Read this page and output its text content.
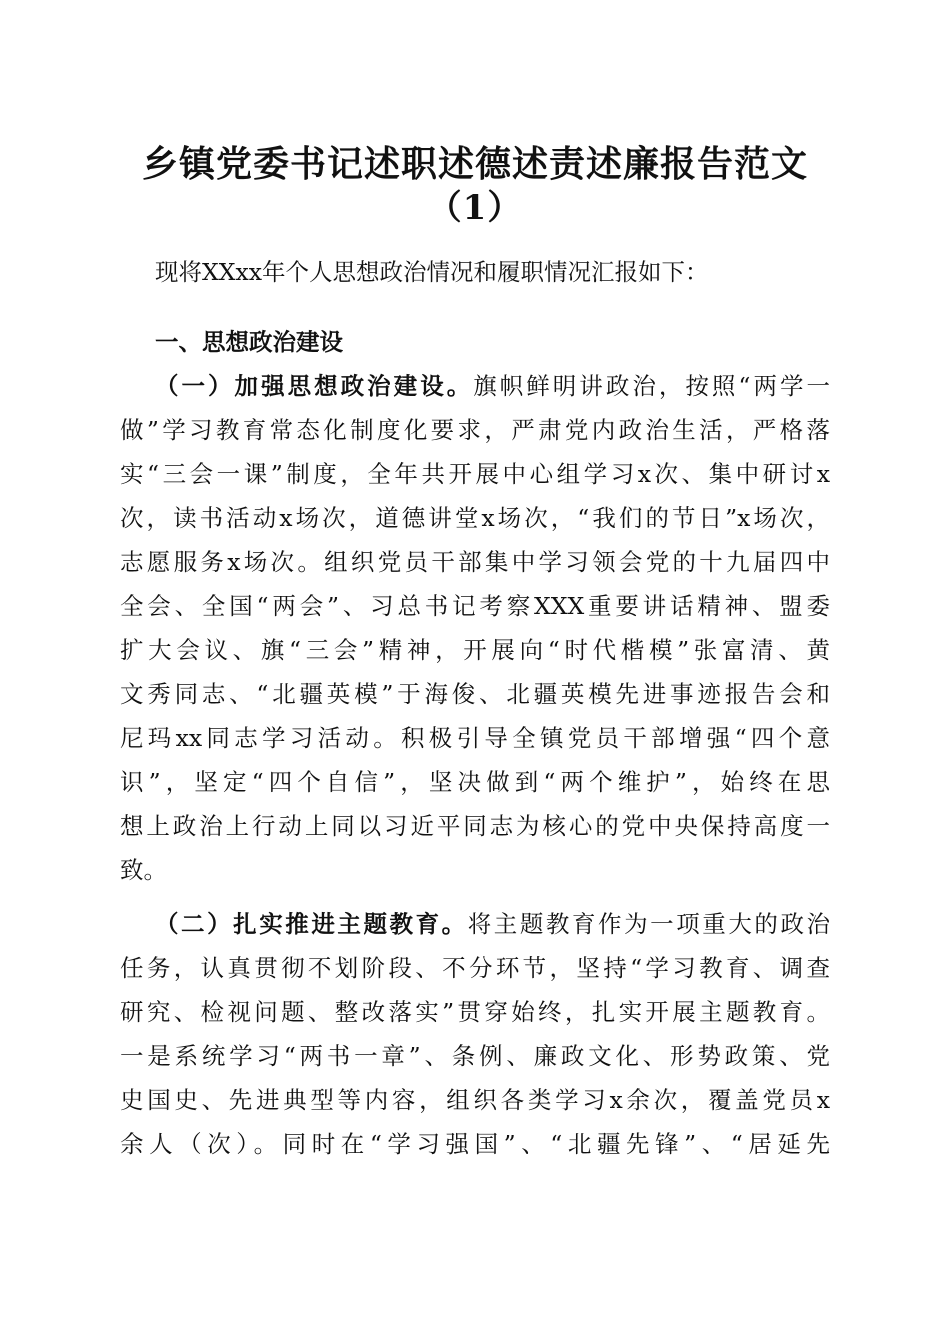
乡镇党委书记述职述德述责述廉报告范文
（1）
现将XXxx年个人思想政治情况和履职情况汇报如下：
一、思想政治建设
（一）加强思想政治建设。旗帜鲜明讲政治，按照“两学一
做”学习教育常态化制度化要求，严肃党内政治生活，严格落
实“三会一课”制度，全年共开展中心组学习x次、集中研讨x
次，读书活动x场次，道德讲堂x场次，“我们的节日”x场次，
志愿服务x场次。组织党员干部集中学习领会党的十九届四中
全会、全国“两会”、习总书记考察XXX重要讲话精神、盟委
扩大会议、旗“三会”精神，开展向“时代楷模”张富清、黄
文秀同志、“北疆英模”于海俊、北疆英模先进事迹报告会和
尼玛xx同志学习活动。积极引导全镇党员干部增强“四个意
识”，坚定“四个自信”，坚决做到“两个维护”，始终在思
想上政治上行动上同以习近平同志为核心的党中央保持高度一
致。
（二）扎实推进主题教育。将主题教育作为一项重大的政治
任务，认真贯彻不划阶段、不分环节，坚持“学习教育、调查
研究、检视问题、整改落实”贯穿始终，扎实开展主题教育。
一是系统学习“两书一章”、条例、廉政文化、形势政策、党
史国史、先进典型等内容，组织各类学习x余次，覆盖党员x
余人（次）。同时在“学习强国”、“北疆先锋”、“居延先
